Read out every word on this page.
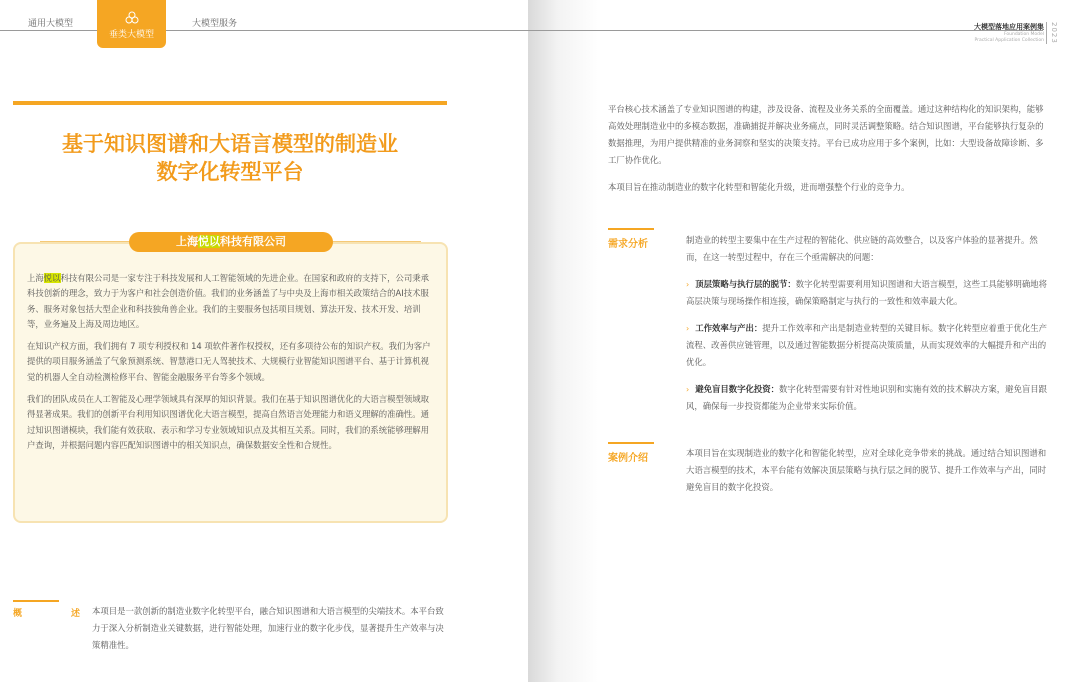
通用大模型
垂类大模型
大模型服务
基于知识图谱和大语言模型的制造业
数字化转型平台
上海悦以科技有限公司

上海悦以科技有限公司是一家专注于科技发展和人工智能领域的先进企业。在国家和政府的支持下，公司秉承科技创新的理念，致力于为客户和社会创造价值。我们的业务涵盖了与中央及上海市相关政策结合的AI技术服务、服务对象包括大型企业和科技独角兽企业。我们的主要服务包括项目规划、算法开发、技术开发、培训等，业务遍及上海及周边地区。

在知识产权方面，我们拥有 7 项专利授权和 14 项软件著作权授权，还有多项待公布的知识产权。我们为客户提供的项目服务涵盖了气象预测系统、智慧港口无人驾驶技术、大规模行业智能知识图谱平台、基于计算机视觉的机器人全自动检测检修平台、智能金融服务平台等多个领域。

我们的团队成员在人工智能及心理学领域具有深厚的知识背景。我们在基于知识图谱优化的大语言模型领域取得显著成果。我们的创新平台利用知识图谱优化大语言模型，提高自然语言处理能力和语义理解的准确性。通过知识图谱模块，我们能有效获取、表示和学习专业领域知识点及其相互关系。同时，我们的系统能够理解用户查询，并根据问题内容匹配知识图谱中的相关知识点，确保数据安全性和合规性。

概　述
本项目是一款创新的制造业数字化转型平台，融合知识图谱和大语言模型的尖端技术。本平台致力于深入分析制造业关键数据，进行智能处理，加速行业的数字化步伐，显著提升生产效率与决策精准性。
大模型落地应用案例集
Foundation Model
Practical Application Collection 2023

平台核心技术涵盖了专业知识图谱的构建，涉及设备、流程及业务关系的全面覆盖。通过这种结构化的知识架构，能够高效处理制造业中的多模态数据，准确捕捉并解决业务痛点，同时灵活调整策略。结合知识图谱，平台能够执行复杂的数据推理，为用户提供精准的业务洞察和坚实的决策支持。平台已成功应用于多个案例，比如：大型设备故障诊断、多工厂协作优化。

本项目旨在推动制造业的数字化转型和智能化升级，进而增强整个行业的竞争力。

需求分析	制造业的转型主要集中在生产过程的智能化、供应链的高效整合，以及客户体验的显著提升。然而，在这一转型过程中，存在三个亟需解决的问题：

› 顶层策略与执行层的脱节：数字化转型需要利用知识图谱和大语言模型，这些工具能够明确地将高层决策与现场操作相连接，确保策略制定与执行的一致性和效率最大化。

› 工作效率与产出：提升工作效率和产出是制造业转型的关键目标。数字化转型应着重于优化生产流程、改善供应链管理，以及通过智能数据分析提高决策质量，从而实现效率的大幅提升和产出的优化。

› 避免盲目数字化投资：数字化转型需要有针对性地识别和实施有效的技术解决方案，避免盲目跟风，确保每一步投资都能为企业带来实际价值。

案例介绍	本项目旨在实现制造业的数字化和智能化转型，应对全球化竞争带来的挑战。通过结合知识图谱和大语言模型的技术，本平台能有效解决顶层策略与执行层之间的脱节、提升工作效率与产出，同时避免盲目的数字化投资。
